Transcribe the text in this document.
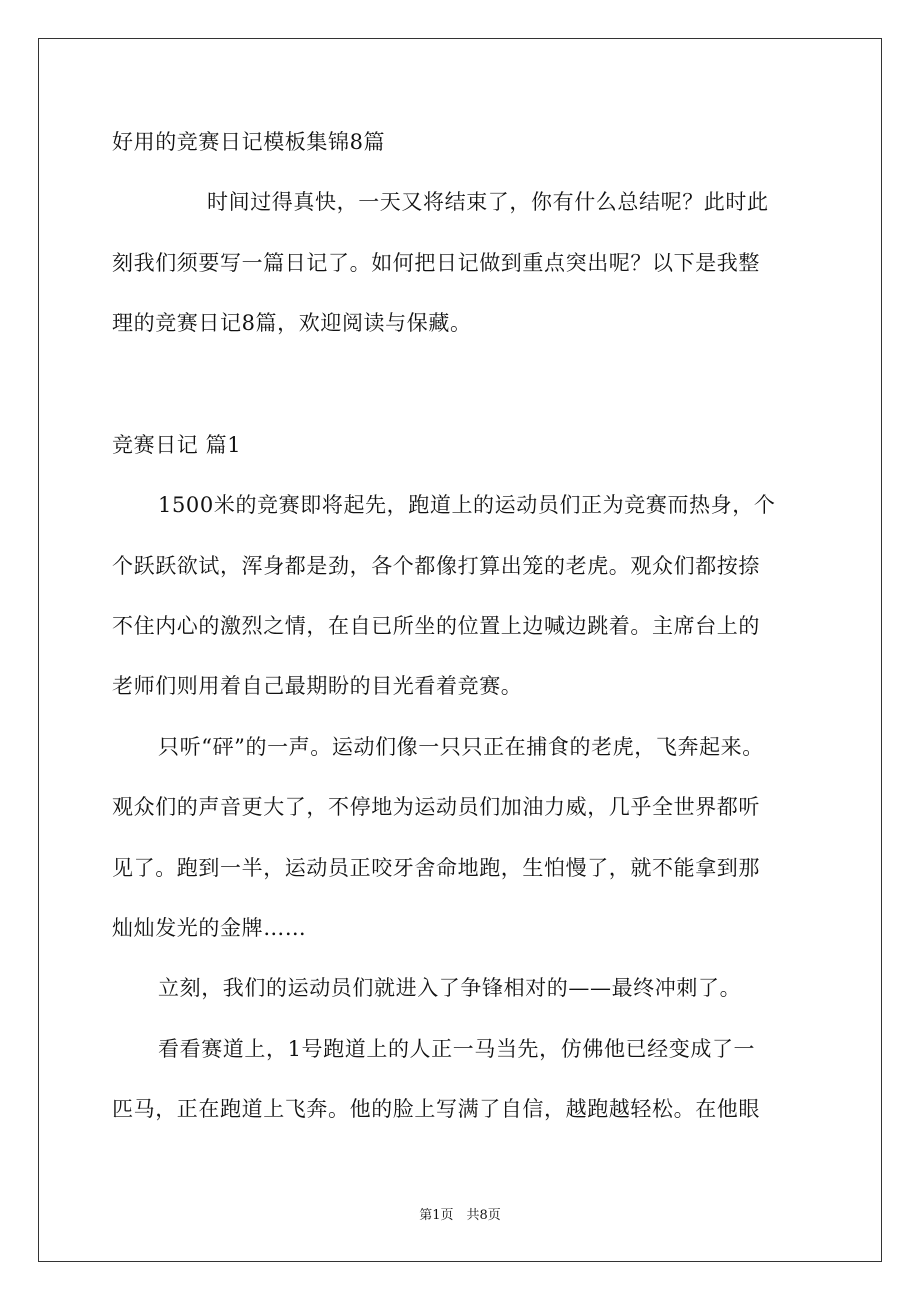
好用的竞赛日记模板集锦8篇
时间过得真快，一天又将结束了，你有什么总结呢？此时此
刻我们须要写一篇日记了。如何把日记做到重点突出呢？以下是我整
理的竞赛日记8篇，欢迎阅读与保藏。
竞赛日记 篇1
1500米的竞赛即将起先，跑道上的运动员们正为竞赛而热身，个
个跃跃欲试，浑身都是劲，各个都像打算出笼的老虎。观众们都按捺
不住内心的激烈之情，在自已所坐的位置上边喊边跳着。主席台上的
老师们则用着自己最期盼的目光看着竞赛。
只听“砰”的一声。运动们像一只只正在捕食的老虎，飞奔起来。
观众们的声音更大了，不停地为运动员们加油力威，几乎全世界都听
见了。跑到一半，运动员正咬牙舍命地跑，生怕慢了，就不能拿到那
灿灿发光的金牌……
立刻，我们的运动员们就进入了争锋相对的——最终冲刺了。
看看赛道上，1号跑道上的人正一马当先，仿佛他已经变成了一
匹马，正在跑道上飞奔。他的脸上写满了自信，越跑越轻松。在他眼
第1页　共8页
